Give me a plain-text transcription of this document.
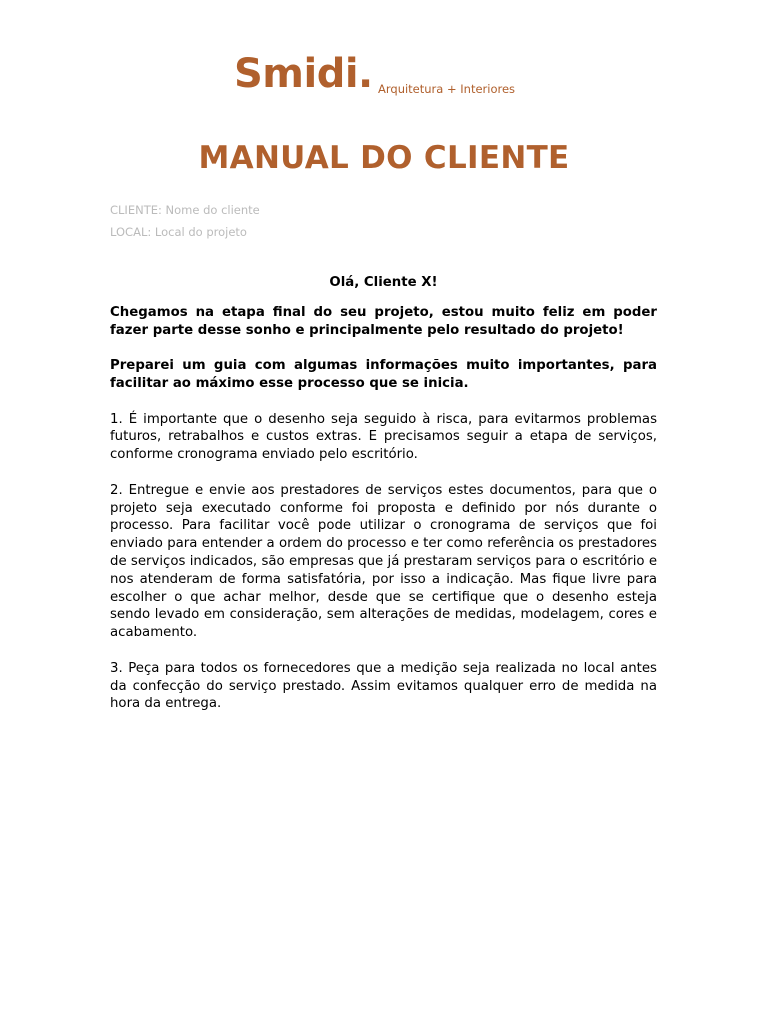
Smidi. Arquitetura + Interiores
MANUAL DO CLIENTE
CLIENTE: Nome do cliente
LOCAL: Local do projeto

Olá, Cliente X!

Chegamos na etapa final do seu projeto, estou muito feliz em poder fazer parte desse sonho e principalmente pelo resultado do projeto!

Preparei um guia com algumas informações muito importantes, para facilitar ao máximo esse processo que se inicia.

1. É importante que o desenho seja seguido à risca, para evitarmos problemas futuros, retrabalhos e custos extras. E precisamos seguir a etapa de serviços, conforme cronograma enviado pelo escritório.

2. Entregue e envie aos prestadores de serviços estes documentos, para que o projeto seja executado conforme foi proposta e definido por nós durante o processo. Para facilitar você pode utilizar o cronograma de serviços que foi enviado para entender a ordem do processo e ter como referência os prestadores de serviços indicados, são empresas que já prestaram serviços para o escritório e nos atenderam de forma satisfatória, por isso a indicação. Mas fique livre para escolher o que achar melhor, desde que se certifique que o desenho esteja sendo levado em consideração, sem alterações de medidas, modelagem, cores e acabamento.

3. Peça para todos os fornecedores que a medição seja realizada no local antes da confecção do serviço prestado. Assim evitamos qualquer erro de medida na hora da entrega.
